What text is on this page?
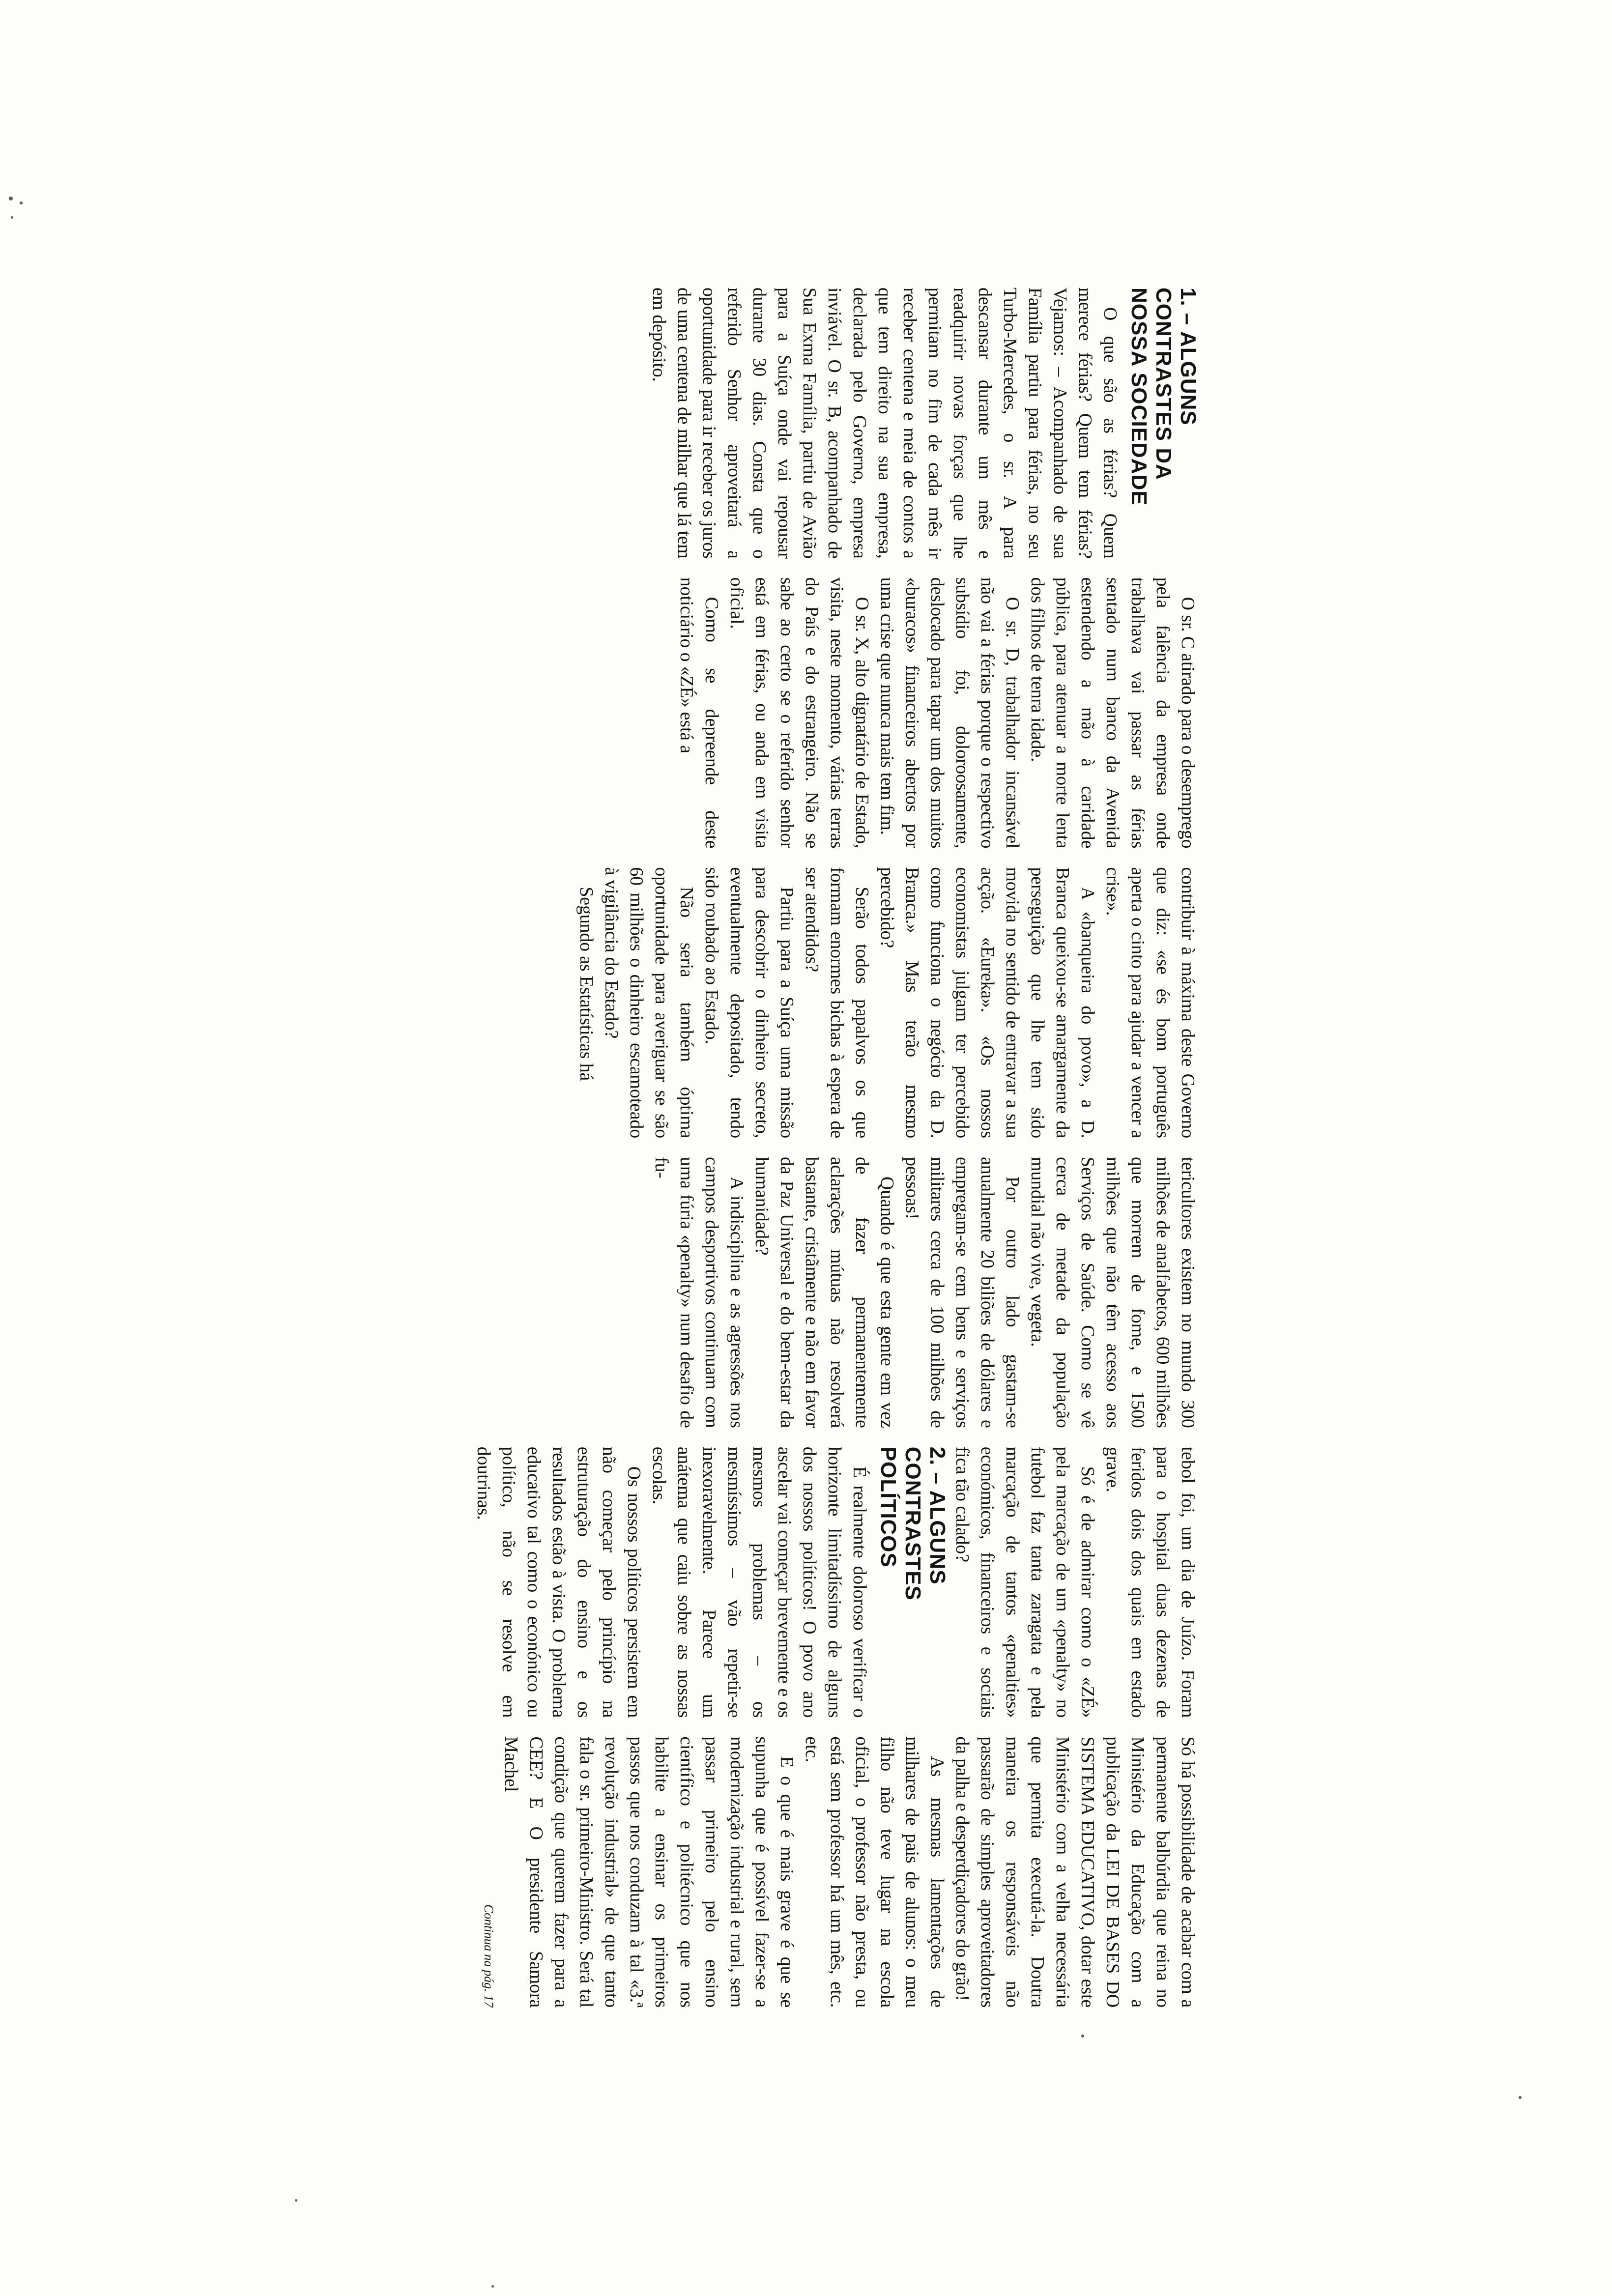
1. – ALGUNS CONTRASTES DA NOSSA SOCIEDADE

O que são as férias? Quem merece férias? Quem tem férias? Vejamos: – Acompanhado de sua Família partiu para férias, no seu Turbo-Mercedes, o sr. A para descansar durante um mês e readquirir novas forças que lhe permitam no fim de cada mês ir receber centena e meia de contos a que tem direito na sua empresa, declarada pelo Governo, empresa inviável. O sr. B, acompanhado de Sua Exma Família, partiu de Avião para a Suíça onde vai repousar durante 30 dias. Consta que o referido Senhor aproveitará a oportunidade para ir receber os juros de uma centena de milhar que lá tem em depósito.

O sr. C atirado para o desemprego pela falência da empresa onde trabalhava vai passar as férias sentado num banco da Avenida estendendo a mão à caridade pública, para atenuar a morte lenta dos filhos de tenra idade.

O sr. D, trabalhador incansável não vai a férias porque o respectivo subsídio foi, doloroosamente, deslocado para tapar um dos muitos «buracos» financeiros abertos por uma crise que nunca mais tem fim.

O sr. X, alto dignatário de Estado, visita, neste momento, várias terras do País e do estrangeiro. Não se sabe ao certo se o referido senhor está em férias, ou anda em visita oficial.

Como se depreende deste noticiário o «ZÉ» está a

contribuir à máxima deste Governo que diz: «se és bom português aperta o cinto para ajudar a vencer a crise».

A «banqueira do povo», a D. Branca queixou-se amargamente da perseguição que lhe tem sido movida no sentido de entravar a sua acção. «Eureka». «Os nossos economistas julgam ter percebido como funciona o negócio da D. Branca.» Mas terão mesmo percebido?

Serão todos papalvos os que formam enormes bichas à espera de ser atendidos?

Partiu para a Suíça uma missão para descobrir o dinheiro secreto, eventualmente depositado, tendo sido roubado ao Estado.

Não seria também óptima oportunidade para averiguar se são 60 milhões o dinheiro escamoteado à vigilância do Estado?

Segundo as Estatísticas há

tericultores existem no mundo 300 milhões de analfabetos, 600 milhões que morrem de fome, e 1500 milhões que não têm acesso aos Serviços de Saúde. Como se vê cerca de metade da população mundial não vive, vegeta.

Por outro lado gastam-se anualmente 20 biliões de dólares e empregam-se cem bens e serviços militares cerca de 100 milhões de pessoas!

Quando é que esta gente em vez de fazer permanentemente aclarações mútuas não resolverá bastante, cristãmente e não em favor da Paz Universal e do bem-estar da humanidade?

A indisciplina e as agressões nos campos desportivos continuam com uma fúria «penalty» num desafio de fu-

tebol foi, um dia de Juízo. Foram para o hospital duas dezenas de feridos dois dos quais em estado grave.

Só é de admirar como o «ZÉ» pela marcação de um «penalty» no futebol faz tanta zaragata e pela marcação de tantos «penalties» económicos, financeiros e sociais fica tão calado?

2. – ALGUNS CONTRASTES POLÍTICOS

É realmente doloroso verificar o horizonte limitadíssimo de alguns dos nossos políticos! O povo ano ascelar vai começar brevemente e os mesmos problemas – os mesmíssimos – vão repetir-se inexoravelmente. Parece um anátema que caiu sobre as nossas escolas.

Os nossos políticos persistem em não começar pelo princípio na estruturação do ensino e os resultados estão à vista. O problema educativo tal como o econónico ou político, não se resolve em doutrinas.

Só há possibilidade de acabar com a permanente balbúrdia que reina no Ministério da Educação com a publicação da LEI DE BASES DO SISTEMA EDUCATIVO, dotar este Ministério com a velha necessária que permita executá-la. Doutra maneira os responsáveis não passarão de simples aproveitadores da palha e desperdiçadores do grão!

As mesmas lamentações de milhares de pais de alunos: o meu filho não teve lugar na escola oficial, o professor não presta, ou está sem professor há um mês, etc. etc.

E o que é mais grave é que se supunha que é possível fazer-se a modernização industrial e rural, sem passar primeiro pelo ensino científico e politécnico que nos habilite a ensinar os primeiros passos que nos conduzam à tal «3.ª revolução industrial» de que tanto fala o sr. primeiro-Ministro. Será tal condição que querem fazer para a CEE? E O presidente Samora Machel

Continua na pág. 17
